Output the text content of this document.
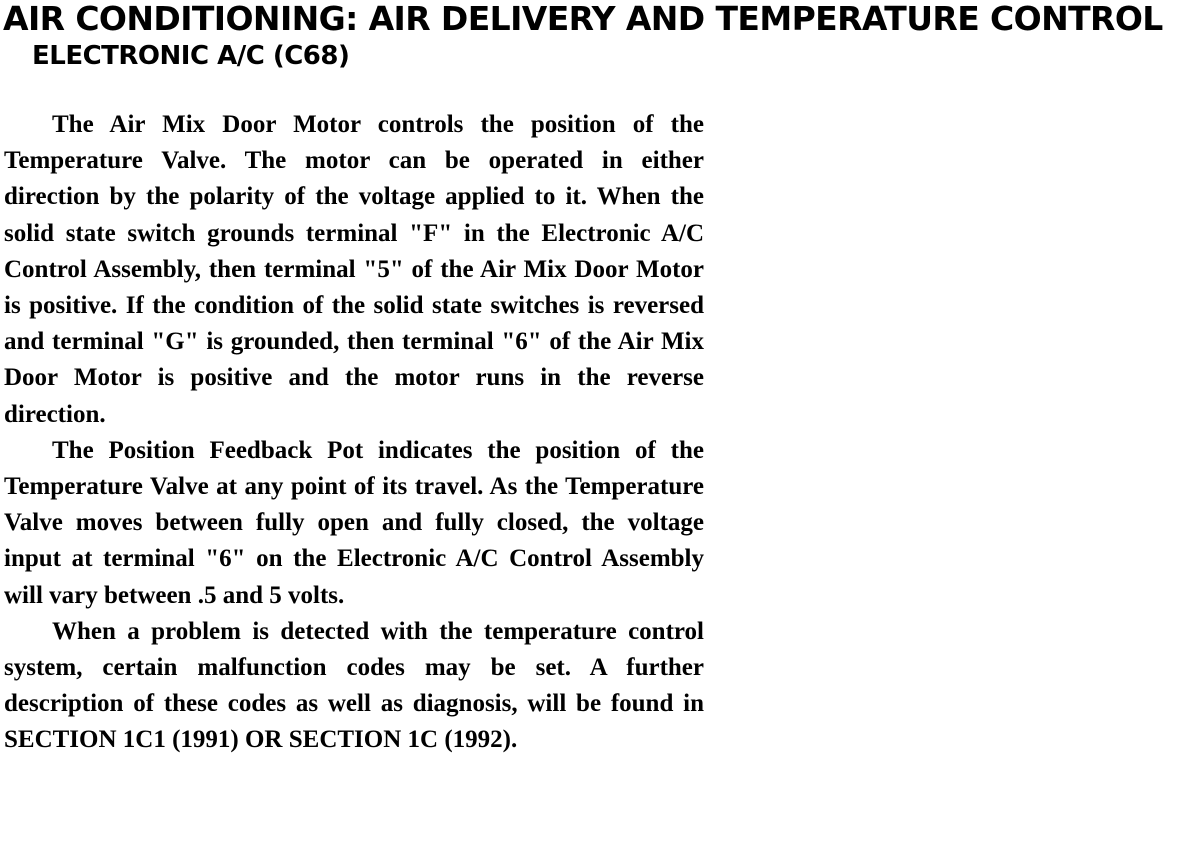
AIR CONDITIONING: AIR DELIVERY AND TEMPERATURE CONTROL
ELECTRONIC A/C (C68)

The Air Mix Door Motor controls the position of the Temperature Valve. The motor can be operated in either direction by the polarity of the voltage applied to it. When the solid state switch grounds terminal "F" in the Electronic A/C Control Assembly, then terminal "5" of the Air Mix Door Motor is positive. If the condition of the solid state switches is reversed and terminal "G" is grounded, then terminal "6" of the Air Mix Door Motor is positive and the motor runs in the reverse direction.

The Position Feedback Pot indicates the position of the Temperature Valve at any point of its travel. As the Temperature Valve moves between fully open and fully closed, the voltage input at terminal "6" on the Electronic A/C Control Assembly will vary between .5 and 5 volts.

When a problem is detected with the temperature control system, certain malfunction codes may be set. A further description of these codes as well as diagnosis, will be found in SECTION 1C1 (1991) OR SECTION 1C (1992).
